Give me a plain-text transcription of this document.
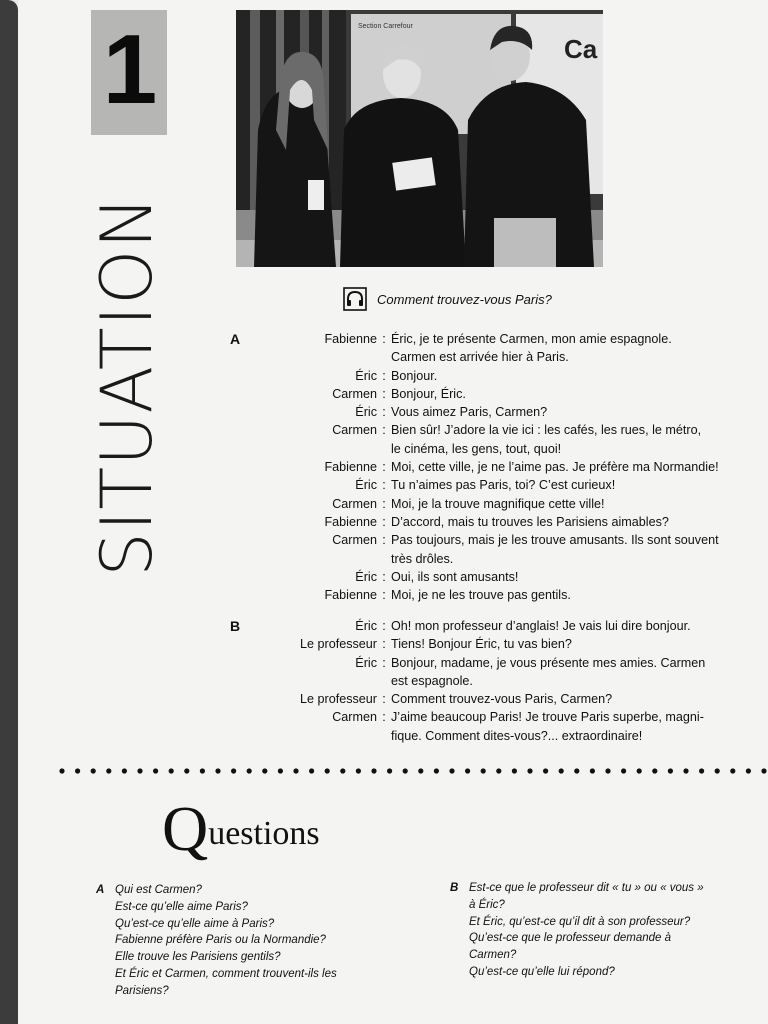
1
SITUATION
Ca
Section Carrefour
Comment trouvez-vous Paris?
A	Fabienne : Éric, je te présente Carmen, mon amie espagnole.
Carmen est arrivée hier à Paris.
Éric : Bonjour.
Carmen : Bonjour, Éric.
Éric : Vous aimez Paris, Carmen?
Carmen : Bien sûr! J’adore la vie ici : les cafés, les rues, le métro,
le cinéma, les gens, tout, quoi!
Fabienne : Moi, cette ville, je ne l’aime pas. Je préfère ma Normandie!
Éric : Tu n’aimes pas Paris, toi? C’est curieux!
Carmen : Moi, je la trouve magnifique cette ville!
Fabienne : D’accord, mais tu trouves les Parisiens aimables?
Carmen : Pas toujours, mais je les trouve amusants. Ils sont souvent
très drôles.
Éric : Oui, ils sont amusants!
Fabienne : Moi, je ne les trouve pas gentils.
B	Éric : Oh! mon professeur d’anglais! Je vais lui dire bonjour.
Le professeur : Tiens! Bonjour Éric, tu vas bien?
Éric : Bonjour, madame, je vous présente mes amies. Carmen
est espagnole.
Le professeur : Comment trouvez-vous Paris, Carmen?
Carmen : J’aime beaucoup Paris! Je trouve Paris superbe, magni-
fique. Comment dites-vous?... extraordinaire!
Questions
A Qui est Carmen?
Est-ce qu’elle aime Paris?
Qu’est-ce qu’elle aime à Paris?
Fabienne préfère Paris ou la Normandie?
Elle trouve les Parisiens gentils?
Et Éric et Carmen, comment trouvent-ils les
Parisiens?
B Est-ce que le professeur dit « tu » ou « vous »
à Éric?
Et Éric, qu’est-ce qu’il dit à son professeur?
Qu’est-ce que le professeur demande à
Carmen?
Qu’est-ce qu’elle lui répond?
